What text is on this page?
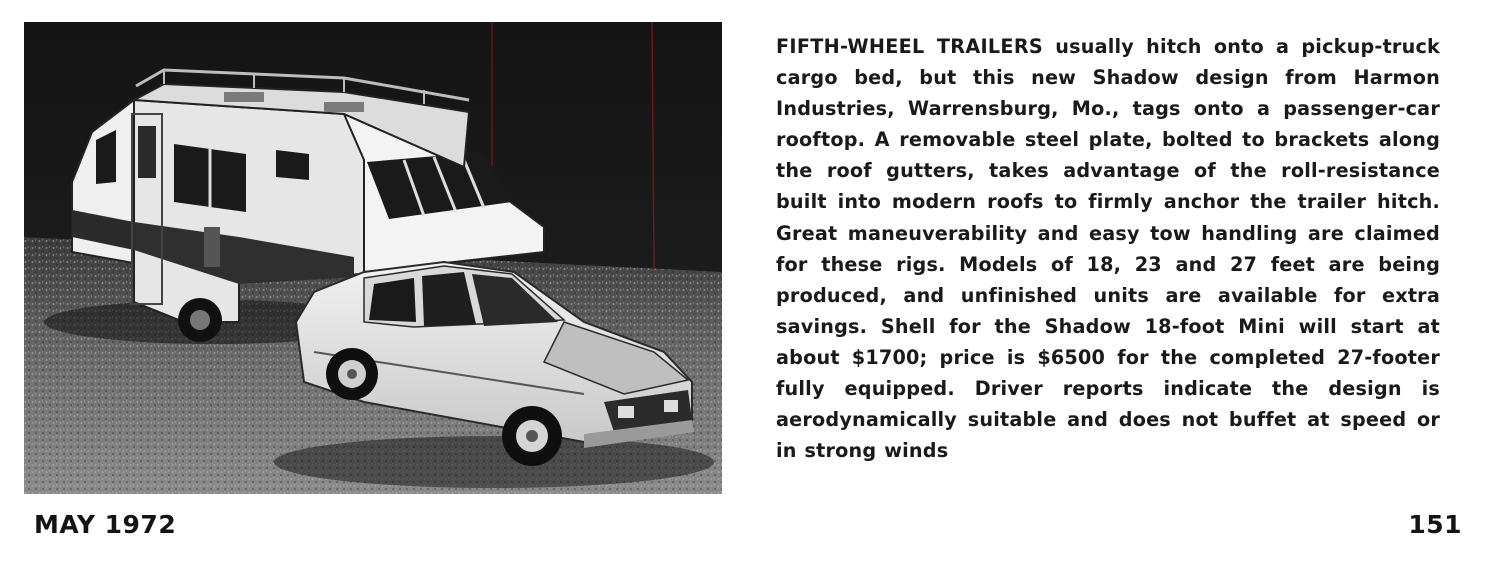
FIFTH-WHEEL TRAILERS usually hitch onto a pickup-truck cargo bed, but this new Shadow design from Harmon Industries, Warrensburg, Mo., tags onto a passenger-car rooftop. A removable steel plate, bolted to brackets along the roof gutters, takes advantage of the roll-resistance built into modern roofs to firmly anchor the trailer hitch. Great maneuverability and easy tow handling are claimed for these rigs. Models of 18, 23 and 27 feet are being produced, and unfinished units are available for extra savings. Shell for the Shadow 18-foot Mini will start at about $1700; price is $6500 for the completed 27-footer fully equipped. Driver reports indicate the design is aerodynamically suitable and does not buffet at speed or in strong winds
MAY 1972	151
